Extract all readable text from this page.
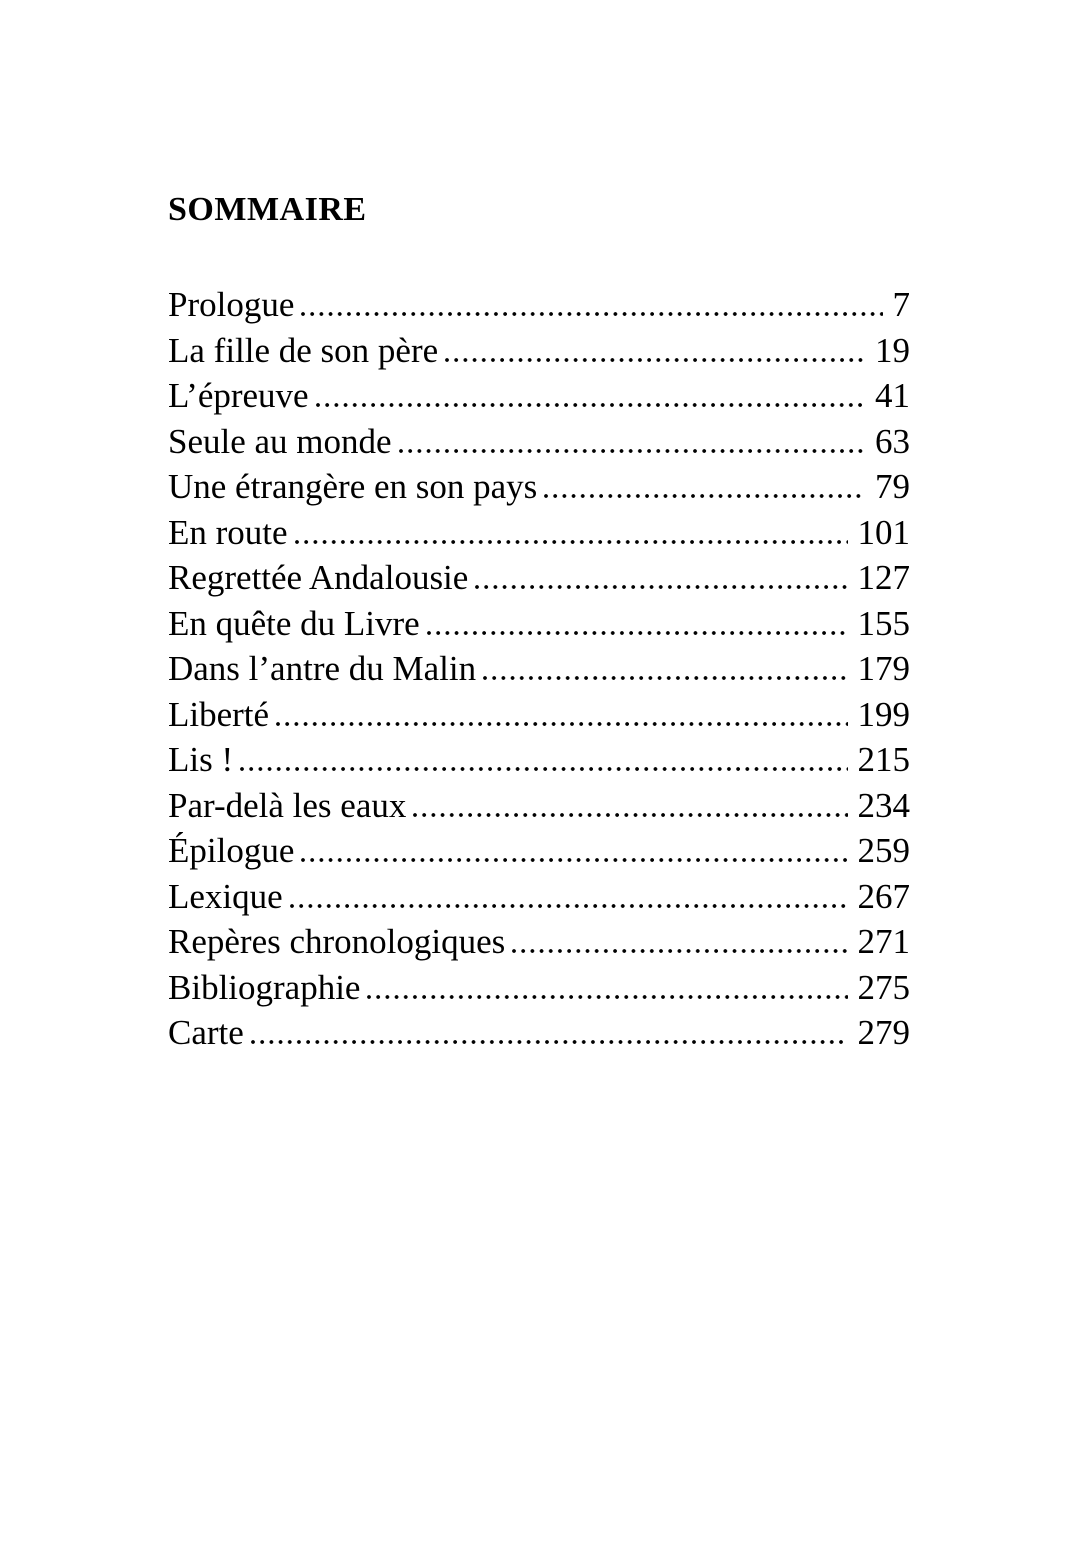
SOMMAIRE
Prologue	7
La fille de son père	19
L’épreuve	41
Seule au monde	63
Une étrangère en son pays	79
En route	101
Regrettée Andalousie	127
En quête du Livre	155
Dans l’antre du Malin	179
Liberté	199
Lis !	215
Par-delà les eaux	234
Épilogue	259
Lexique	267
Repères chronologiques	271
Bibliographie	275
Carte	279
